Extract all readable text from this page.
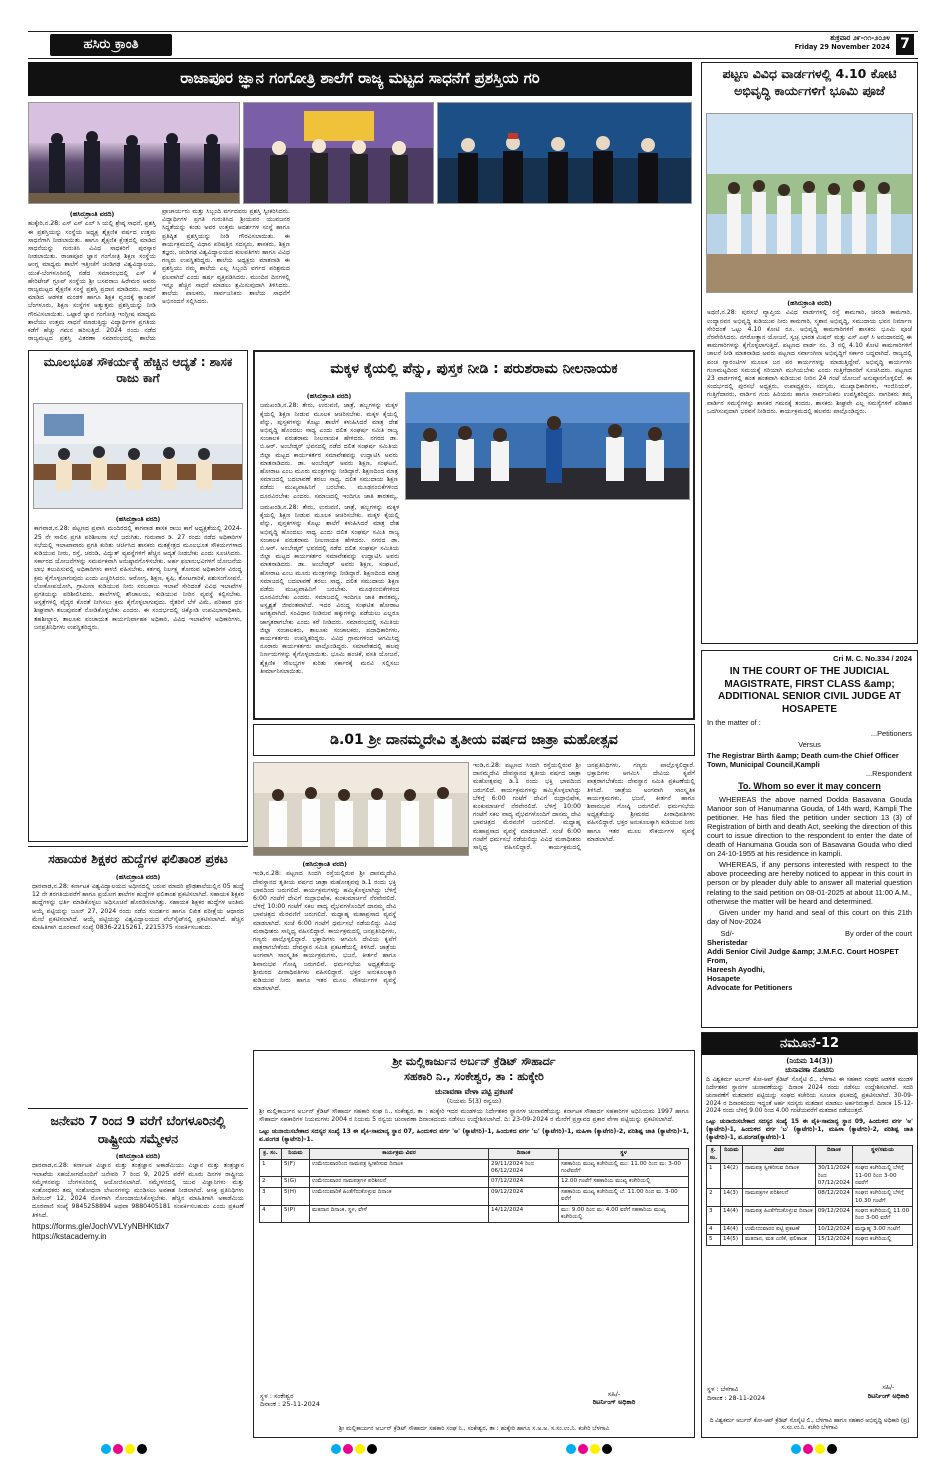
ಹಸಿರು ಕ್ರಾಂತಿ	ಶುಕ್ರವಾರ ೨೯-೧೧-೨೦೨೪
Friday 29 November 2024 7
ರಾಜಾಪೂರ ಜ್ಞಾನ ಗಂಗೋತ್ರಿ ಶಾಲೆಗೆ ರಾಜ್ಯ ಮಟ್ಟದ ಸಾಧನೆಗೆ ಪ್ರಶಸ್ತಿಯ ಗರಿ
(ಹಸಿರುಕ್ರಾಂತಿ ವರದಿ)
ಹುಕ್ಕೇರಿ,ನ.28: ಎಸ್ ಎಸ್ ಎಲ್ ಸಿ ಯಲ್ಲಿ ಶ್ರೇಷ್ಠ ಸಾಧನೆ, ಪ್ರಶಸ್ತಿ ಈ ಪ್ರಶಸ್ತಿಯನ್ನು ಸಂಸ್ಥೆಯ ಅಧ್ಯಕ್ಷ ಶೈಕ್ಷಣಿಕ ವರ್ಷದ ಉತ್ತಮ ಸಾಧನೆಗಾಗಿ ನೀಡಲಾಯಿತು. ಹಾಗೂ ಶೈಕ್ಷಣಿಕ ಕ್ಷೇತ್ರದಲ್ಲಿ ಮಾಡಿದ ಸಾಧನೆಯನ್ನು ಗುರುತಿಸಿ ವಿವಿಧ ಸಾಧಕರಿಗೆ ಪುರಸ್ಕಾರ ನೀಡಲಾಯಿತು. ರಾಜಾಪೂರ ಜ್ಞಾನ ಗಂಗೋತ್ರಿ ಶಿಕ್ಷಣ ಸಂಸ್ಥೆಯ ಆಂಗ್ಲ ಮಾಧ್ಯಮ ಶಾಲೆಗೆ ಇತ್ತೀಚೆಗೆ ಚಂಡಿಗಢ ವಿಶ್ವವಿದ್ಯಾಲಯ, ಯುಕೆ-ಬೆಂಗಳೂರಿನಲ್ಲಿ ನಡೆದ ಸಮಾರಂಭದಲ್ಲಿ ಎಸ್ ಕೆ ಹೇರಿಟೇಜ್ ಗ್ರೂಪ್ ಸಂಸ್ಥೆಯ ಶ್ರೀ ಬಸವರಾಜ ಹಿರೇಮಠ ಅವರು ರಾಜ್ಯಮಟ್ಟದ ಶೈಕ್ಷಣಿಕ ಸಂಸ್ಥೆ ಪ್ರಶಸ್ತಿ ಪ್ರದಾನ ಮಾಡಿದರು. ಸಾಧನೆ ಮಾಡಿದ ಆಡಳಿತ ಮಂಡಳಿ ಹಾಗೂ ಶಿಕ್ಷಕ ವೃಂದಕ್ಕೆ ಕ್ಯಾಂಪಸ್ ಬೆಂಗಳೂರು, ಶಿಕ್ಷಣ ಸಂಸ್ಥೆಗಳ ಅತ್ಯುತ್ತಮ ಪ್ರಶಸ್ತಿಯನ್ನು ನೀಡಿ ಗೌರವಿಸಲಾಯಿತು. ಒಟ್ಟಾರೆ ಜ್ಞಾನ ಗಂಗೋತ್ರಿ ಇಂಗ್ಲೀಷ ಮಾಧ್ಯಮ ಶಾಲೆಯು ಉತ್ತಮ ಸಾಧನೆ ಮಾಡುತ್ತಿದ್ದು ವಿದ್ಯಾರ್ಥಿಗಳ ಪ್ರಗತಿಯ ಕಡೆಗೆ ಹೆಚ್ಚು ಗಮನ ಹರಿಸುತ್ತಿದೆ. 2024 ರಂದು ನಡೆದ ರಾಜ್ಯಮಟ್ಟದ ಪ್ರಶಸ್ತಿ ವಿತರಣಾ ಸಮಾರಂಭದಲ್ಲಿ ಶಾಲೆಯ ಪ್ರಾಚಾರ್ಯರು ಮತ್ತು ಸಿಬ್ಬಂದಿ ವರ್ಗದವರು ಪ್ರಶಸ್ತಿ ಸ್ವೀಕರಿಸಿದರು. ವಿದ್ಯಾರ್ಥಿಗಳ ಪ್ರಗತಿ ಗುರುತಿಸಿದ ಶ್ರೀಯವರ ಯುವಜನರ ಸಿದ್ಧತೆಯನ್ನು ಕಂಡು ಅವರ ಉತ್ತಮ ಆದರ್ಶಗಳ ಸಂಸ್ಥೆ ಹಾಗೂ ಪ್ರತಿಷ್ಠಿತ ಪ್ರಶಸ್ತಿಯನ್ನು ನೀಡಿ ಗೌರವಿಸಲಾಯಿತು. ಈ ಕಾರ್ಯಕ್ರಮದಲ್ಲಿ ವಿಧಾನ ಪರಿಷತ್ತಿನ ಸದಸ್ಯರು, ಶಾಸಕರು, ಶಿಕ್ಷಣ ತಜ್ಞರು, ಚಂಡಿಗಢ ವಿಶ್ವವಿದ್ಯಾಲಯದ ಕುಲಪತಿಗಳು ಹಾಗೂ ವಿವಿಧ ಗಣ್ಯರು ಉಪಸ್ಥಿತರಿದ್ದರು. ಶಾಲೆಯ ಅಧ್ಯಕ್ಷರು ಮಾತನಾಡಿ ಈ ಪ್ರಶಸ್ತಿಯು ನಮ್ಮ ಶಾಲೆಯ ಎಲ್ಲ ಸಿಬ್ಬಂದಿ ವರ್ಗದ ಪರಿಶ್ರಮದ ಫಲವಾಗಿದೆ ಎಂದು ಹರ್ಷ ವ್ಯಕ್ತಪಡಿಸಿದರು. ಮುಂದಿನ ದಿನಗಳಲ್ಲಿ ಇನ್ನೂ ಹೆಚ್ಚಿನ ಸಾಧನೆ ಮಾಡಲು ಶ್ರಮಿಸುವುದಾಗಿ ತಿಳಿಸಿದರು. ಶಾಲೆಯ ಪಾಲಕರು, ಸಾರ್ವಜನಿಕರು ಶಾಲೆಯ ಸಾಧನೆಗೆ ಅಭಿನಂದನೆ ಸಲ್ಲಿಸಿದರು.
ಪಟ್ಟಣ ವಿವಿಧ ವಾರ್ಡಗಳಲ್ಲಿ 4.10 ಕೋಟಿ ಅಭಿವೃದ್ಧಿ ಕಾರ್ಯಗಳಿಗೆ ಭೂಮಿ ಪೂಜೆ
(ಹಸಿರುಕ್ರಾಂತಿ ವರದಿ)
ಅಥಣಿ,ನ.28: ಪುರಸಭೆ ವ್ಯಾಪ್ತಿಯ ವಿವಿಧ ವಾರ್ಡಗಳಲ್ಲಿ ರಸ್ತೆ ಕಾಮಗಾರಿ, ಚರಂಡಿ ಕಾಮಗಾರಿ, ಉದ್ಯಾನವನ ಅಭಿವೃದ್ಧಿ ಕುಡಿಯುವ ನೀರು ಕಾಮಗಾರಿ, ಸ್ಮಶಾನ ಅಭಿವೃದ್ಧಿ, ಸಮುದಾಯ ಭವನ ನಿರ್ಮಾಣ ಸೇರಿದಂತೆ ಒಟ್ಟು 4.10 ಕೋಟಿ ರೂ. ಅಭಿವೃದ್ಧಿ ಕಾಮಗಾರಿಗಳಿಗೆ ಶಾಸಕರು ಭೂಮಿ ಪೂಜೆ ನೆರವೇರಿಸಿದರು. ನಗರೋತ್ಥಾನ ಯೋಜನೆ, ಸ್ವಚ್ಛ ಭಾರತ ಮಿಷನ್ ಮತ್ತು ಎಸ್ ಎಫ್ ಸಿ ಅನುದಾನದಲ್ಲಿ ಈ ಕಾಮಗಾರಿಗಳನ್ನು ಕೈಗೊಳ್ಳಲಾಗುತ್ತಿದೆ. ಪಟ್ಟಣದ ವಾರ್ಡ ನಂ. 3 ರಲ್ಲಿ 4.10 ಕೋಟಿ ಕಾಮಗಾರಿಗಳಿಗೆ ಚಾಲನೆ ನೀಡಿ ಮಾತನಾಡಿದ ಅವರು ಪಟ್ಟಣದ ಸರ್ವಾಂಗೀಣ ಅಭಿವೃದ್ಧಿಗೆ ಸರ್ಕಾರ ಬದ್ಧವಾಗಿದೆ. ರಾಜ್ಯದಲ್ಲಿ ಪಂಚ ಗ್ಯಾರಂಟಿಗಳ ಮೂಲಕ ಜನ ಪರ ಕಾರ್ಯಗಳನ್ನು ಮಾಡುತ್ತಿದ್ದೇವೆ. ಅಭಿವೃದ್ಧಿ ಕಾರ್ಯಗಳು ಗುಣಮಟ್ಟದಿಂದ ಸಮಯಕ್ಕೆ ಸರಿಯಾಗಿ ಮುಗಿಯಬೇಕು ಎಂದು ಗುತ್ತಿಗೆದಾರರಿಗೆ ಸೂಚಿಸಿದರು. ಪಟ್ಟಣದ 23 ವಾರ್ಡಗಳಲ್ಲಿ ಹಂತ ಹಂತವಾಗಿ ಕುಡಿಯುವ ನೀರಿನ 24 ಗಂಟೆ ಯೋಜನೆ ಅನುಷ್ಠಾನಗೊಳ್ಳಲಿದೆ. ಈ ಸಂದರ್ಭದಲ್ಲಿ ಪುರಸಭೆ ಅಧ್ಯಕ್ಷರು, ಉಪಾಧ್ಯಕ್ಷರು, ಸದಸ್ಯರು, ಮುಖ್ಯಾಧಿಕಾರಿಗಳು, ಇಂಜಿನಿಯರ್, ಗುತ್ತಿಗೆದಾರರು, ವಾರ್ಡಿನ ಗುರು ಹಿರಿಯರು ಹಾಗೂ ಸಾರ್ವಜನಿಕರು ಉಪಸ್ಥಿತರಿದ್ದರು. ನಾಗರಿಕರು ತಮ್ಮ ವಾರ್ಡಿನ ಸಮಸ್ಯೆಗಳನ್ನು ಶಾಸಕರ ಗಮನಕ್ಕೆ ತಂದರು. ಶಾಸಕರು ಶೀಘ್ರವೇ ಎಲ್ಲ ಸಮಸ್ಯೆಗಳಿಗೆ ಪರಿಹಾರ ಒದಗಿಸುವುದಾಗಿ ಭರವಸೆ ನೀಡಿದರು. ಕಾರ್ಯಕ್ರಮದಲ್ಲಿ ಹಲವರು ಪಾಲ್ಗೊಂಡಿದ್ದರು.
ಮೂಲಭೂತ ಸೌಕರ್ಯಕ್ಕೆ ಹೆಚ್ಚಿನ ಆದ್ಯತೆ : ಶಾಸಕ ರಾಜು ಕಾಗೆ
(ಹಸಿರುಕ್ರಾಂತಿ ವರದಿ)
ಕಾಗವಾಡ,ನ.28: ಪಟ್ಟಣದ ಪ್ರವಾಸಿ ಮಂದಿರದಲ್ಲಿ ಕಾಗವಾಡ ಶಾಸಕ ರಾಜು ಕಾಗೆ ಅಧ್ಯಕ್ಷತೆಯಲ್ಲಿ 2024-25 ನೇ ಸಾಲಿನ ಪ್ರಗತಿ ಪರಿಶೀಲನಾ ಸಭೆ ಜರುಗಿತು. ಗುರುವಾರ ಡಿ. 27 ರಂದು ನಡೆದ ಅಧಿಕಾರಿಗಳ ಸಭೆಯಲ್ಲಿ ಇಲಾಖಾವಾರು ಪ್ರಗತಿ ಕುರಿತು ಚರ್ಚಿಸಿದ ಶಾಸಕರು ಮತಕ್ಷೇತ್ರದ ಮೂಲಭೂತ ಸೌಕರ್ಯಗಳಾದ ಕುಡಿಯುವ ನೀರು, ರಸ್ತೆ, ಚರಂಡಿ, ವಿದ್ಯುತ್ ವ್ಯವಸ್ಥೆಗಳಿಗೆ ಹೆಚ್ಚಿನ ಆದ್ಯತೆ ನೀಡಬೇಕು ಎಂದು ಸೂಚಿಸಿದರು. ಸರ್ಕಾರದ ಯೋಜನೆಗಳನ್ನು ಸಮರ್ಪಕವಾಗಿ ಅನುಷ್ಠಾನಗೊಳಿಸಬೇಕು. ಅರ್ಹ ಫಲಾನುಭವಿಗಳಿಗೆ ಯೋಜನೆಯ ಲಾಭ ತಲುಪಿಸುವಲ್ಲಿ ಅಧಿಕಾರಿಗಳು ಕಾಳಜಿ ವಹಿಸಬೇಕು. ಕರ್ತವ್ಯ ನಿರ್ಲಕ್ಷ್ಯ ತೋರುವ ಅಧಿಕಾರಿಗಳ ವಿರುದ್ಧ ಕ್ರಮ ಕೈಗೊಳ್ಳಲಾಗುವುದು ಎಂದು ಎಚ್ಚರಿಸಿದರು. ಆರೋಗ್ಯ, ಶಿಕ್ಷಣ, ಕೃಷಿ, ತೋಟಗಾರಿಕೆ, ಪಶುಸಂಗೋಪನೆ, ಲೋಕೋಪಯೋಗಿ, ಗ್ರಾಮೀಣ ಕುಡಿಯುವ ನೀರು ಸರಬರಾಜು ಇಲಾಖೆ ಸೇರಿದಂತೆ ವಿವಿಧ ಇಲಾಖೆಗಳ ಪ್ರಗತಿಯನ್ನು ಪರಿಶೀಲಿಸಿದರು. ಶಾಲೆಗಳಲ್ಲಿ ಶೌಚಾಲಯ, ಕುಡಿಯುವ ನೀರಿನ ವ್ಯವಸ್ಥೆ ಕಲ್ಪಿಸಬೇಕು. ಆಸ್ಪತ್ರೆಗಳಲ್ಲಿ ವೈದ್ಯರ ಕೊರತೆ ನೀಗಿಸಲು ಕ್ರಮ ಕೈಗೊಳ್ಳಲಾಗುವುದು. ರೈತರಿಗೆ ಬೆಳೆ ವಿಮೆ, ಪರಿಹಾರ ಧನ ಶೀಘ್ರವಾಗಿ ತಲುಪುವಂತೆ ನೋಡಿಕೊಳ್ಳಬೇಕು ಎಂದರು. ಈ ಸಂದರ್ಭದಲ್ಲಿ ಚಿಕ್ಕೋಡಿ ಉಪವಿಭಾಗಾಧಿಕಾರಿ, ತಹಶೀಲ್ದಾರ, ತಾಲೂಕು ಪಂಚಾಯತ ಕಾರ್ಯನಿರ್ವಾಹಕ ಅಧಿಕಾರಿ, ವಿವಿಧ ಇಲಾಖೆಗಳ ಅಧಿಕಾರಿಗಳು, ಜನಪ್ರತಿನಿಧಿಗಳು ಉಪಸ್ಥಿತರಿದ್ದರು.
ಮಕ್ಕಳ ಕೈಯಲ್ಲಿ ಪೆನ್ನು, ಪುಸ್ತಕ ನೀಡಿ : ಪರುಶರಾಮ ನೀಲನಾಯಕ
(ಹಸಿರುಕ್ರಾಂತಿ ವರದಿ)
ಜಮಖಂಡಿ,ನ.28: ತೇರು, ಉರುವಣಿ, ಜಾತ್ರೆ, ಹಬ್ಬಗಳನ್ನು ಮಕ್ಕಳ ಕೈಯಲ್ಲಿ ಶಿಕ್ಷಣ ನೀಡುವ ಮೂಲಕ ಆಚರಿಸಬೇಕು. ಮಕ್ಕಳ ಕೈಯಲ್ಲಿ ಪೆನ್ನು, ಪುಸ್ತಕಗಳನ್ನು ಕೊಟ್ಟು ಶಾಲೆಗೆ ಕಳುಹಿಸಿದರೆ ಮಾತ್ರ ದೇಶ ಅಭಿವೃದ್ಧಿ ಹೊಂದಲು ಸಾಧ್ಯ ಎಂದು ದಲಿತ ಸಂಘರ್ಷ ಸಮಿತಿ ರಾಜ್ಯ ಸಂಚಾಲಕ ಪರುಶರಾಮ ನೀಲನಾಯಕ ಹೇಳಿದರು. ನಗರದ ಡಾ. ಬಿ.ಆರ್. ಅಂಬೇಡ್ಕರ್ ಭವನದಲ್ಲಿ ನಡೆದ ದಲಿತ ಸಂಘರ್ಷ ಸಮಿತಿಯ ಜಿಲ್ಲಾ ಮಟ್ಟದ ಕಾರ್ಯಕರ್ತರ ಸಮಾವೇಶವನ್ನು ಉದ್ಘಾಟಿಸಿ ಅವರು ಮಾತನಾಡಿದರು. ಡಾ. ಅಂಬೇಡ್ಕರ್ ಅವರು ಶಿಕ್ಷಣ, ಸಂಘಟನೆ, ಹೋರಾಟ ಎಂಬ ಮೂರು ಮಂತ್ರಗಳನ್ನು ನೀಡಿದ್ದಾರೆ. ಶಿಕ್ಷಣದಿಂದ ಮಾತ್ರ ಸಮಾಜದಲ್ಲಿ ಬದಲಾವಣೆ ತರಲು ಸಾಧ್ಯ. ದಲಿತ ಸಮುದಾಯ ಶಿಕ್ಷಣ ಪಡೆದು ಮುಖ್ಯವಾಹಿನಿಗೆ ಬರಬೇಕು. ಮೂಢನಂಬಿಕೆಗಳಿಂದ ದೂರವಿರಬೇಕು ಎಂದರು. ಸಮಾಜದಲ್ಲಿ ಇಂದಿಗೂ ಜಾತಿ ತಾರತಮ್ಯ,
ಜಮಖಂಡಿ,ನ.28: ತೇರು, ಉರುವಣಿ, ಜಾತ್ರೆ, ಹಬ್ಬಗಳನ್ನು ಮಕ್ಕಳ ಕೈಯಲ್ಲಿ ಶಿಕ್ಷಣ ನೀಡುವ ಮೂಲಕ ಆಚರಿಸಬೇಕು. ಮಕ್ಕಳ ಕೈಯಲ್ಲಿ ಪೆನ್ನು, ಪುಸ್ತಕಗಳನ್ನು ಕೊಟ್ಟು ಶಾಲೆಗೆ ಕಳುಹಿಸಿದರೆ ಮಾತ್ರ ದೇಶ ಅಭಿವೃದ್ಧಿ ಹೊಂದಲು ಸಾಧ್ಯ ಎಂದು ದಲಿತ ಸಂಘರ್ಷ ಸಮಿತಿ ರಾಜ್ಯ ಸಂಚಾಲಕ ಪರುಶರಾಮ ನೀಲನಾಯಕ ಹೇಳಿದರು. ನಗರದ ಡಾ. ಬಿ.ಆರ್. ಅಂಬೇಡ್ಕರ್ ಭವನದಲ್ಲಿ ನಡೆದ ದಲಿತ ಸಂಘರ್ಷ ಸಮಿತಿಯ ಜಿಲ್ಲಾ ಮಟ್ಟದ ಕಾರ್ಯಕರ್ತರ ಸಮಾವೇಶವನ್ನು ಉದ್ಘಾಟಿಸಿ ಅವರು ಮಾತನಾಡಿದರು. ಡಾ. ಅಂಬೇಡ್ಕರ್ ಅವರು ಶಿಕ್ಷಣ, ಸಂಘಟನೆ, ಹೋರಾಟ ಎಂಬ ಮೂರು ಮಂತ್ರಗಳನ್ನು ನೀಡಿದ್ದಾರೆ. ಶಿಕ್ಷಣದಿಂದ ಮಾತ್ರ ಸಮಾಜದಲ್ಲಿ ಬದಲಾವಣೆ ತರಲು ಸಾಧ್ಯ. ದಲಿತ ಸಮುದಾಯ ಶಿಕ್ಷಣ ಪಡೆದು ಮುಖ್ಯವಾಹಿನಿಗೆ ಬರಬೇಕು. ಮೂಢನಂಬಿಕೆಗಳಿಂದ ದೂರವಿರಬೇಕು ಎಂದರು. ಸಮಾಜದಲ್ಲಿ ಇಂದಿಗೂ ಜಾತಿ ತಾರತಮ್ಯ, ಅಸ್ಪೃಶ್ಯತೆ ಜೀವಂತವಾಗಿದೆ. ಇದರ ವಿರುದ್ಧ ಸಂಘಟಿತ ಹೋರಾಟ ಅಗತ್ಯವಾಗಿದೆ. ಸಂವಿಧಾನ ನೀಡಿರುವ ಹಕ್ಕುಗಳನ್ನು ಪಡೆಯಲು ಎಲ್ಲರೂ ಜಾಗೃತರಾಗಬೇಕು ಎಂದು ಕರೆ ನೀಡಿದರು. ಸಮಾರಂಭದಲ್ಲಿ ಸಮಿತಿಯ ಜಿಲ್ಲಾ ಸಂಚಾಲಕರು, ತಾಲೂಕು ಸಂಚಾಲಕರು, ಪದಾಧಿಕಾರಿಗಳು, ಕಾರ್ಯಕರ್ತರು ಉಪಸ್ಥಿತರಿದ್ದರು. ವಿವಿಧ ಗ್ರಾಮಗಳಿಂದ ಆಗಮಿಸಿದ್ದ ನೂರಾರು ಕಾರ್ಯಕರ್ತರು ಪಾಲ್ಗೊಂಡಿದ್ದರು. ಸಮಾವೇಶದಲ್ಲಿ ಹಲವು ನಿರ್ಣಯಗಳನ್ನು ಕೈಗೊಳ್ಳಲಾಯಿತು. ಭೂಮಿ ಹಂಚಿಕೆ, ವಸತಿ ಯೋಜನೆ, ಶೈಕ್ಷಣಿಕ ಸೌಲಭ್ಯಗಳ ಕುರಿತು ಸರ್ಕಾರಕ್ಕೆ ಮನವಿ ಸಲ್ಲಿಸಲು ತೀರ್ಮಾನಿಸಲಾಯಿತು.
ಡಿ.01 ಶ್ರೀ ದಾನಮ್ಮದೇವಿ ತೃತೀಯ ವರ್ಷದ ಜಾತ್ರಾ ಮಹೋತ್ಸವ
(ಹಸಿರುಕ್ರಾಂತಿ ವರದಿ)
ಇಂಡಿ,ನ.28: ಪಟ್ಟಣದ ಸಿಂದಗಿ ರಸ್ತೆಯಲ್ಲಿರುವ ಶ್ರೀ ದಾನಮ್ಮದೇವಿ ದೇವಸ್ಥಾನದ ತೃತೀಯ ವರ್ಷದ ಜಾತ್ರಾ ಮಹೋತ್ಸವವು ಡಿ.1 ರಂದು ಭಕ್ತಿ ಭಾವದಿಂದ ಜರುಗಲಿದೆ. ಕಾರ್ಯಕ್ರಮಗಳನ್ನು ಹಮ್ಮಿಕೊಳ್ಳಲಾಗಿದ್ದು ಬೆಳಿಗ್ಗೆ 6:00 ಗಂಟೆಗೆ ದೇವಿಗೆ ರುದ್ರಾಭಿಷೇಕ, ಕುಂಕುಮಾರ್ಚನೆ ನೆರವೇರಲಿದೆ. ಬೆಳಿಗ್ಗೆ 10:00 ಗಂಟೆಗೆ ಸಕಲ ವಾದ್ಯ ವೈಭವಗಳೊಂದಿಗೆ ದಾನಮ್ಮ ದೇವಿ ಭಾವಚಿತ್ರದ ಮೆರವಣಿಗೆ ಜರುಗಲಿದೆ. ಮಧ್ಯಾಹ್ನ ಮಹಾಪ್ರಸಾದ ವ್ಯವಸ್ಥೆ ಮಾಡಲಾಗಿದೆ. ಸಂಜೆ 6:00 ಗಂಟೆಗೆ ಧರ್ಮಸಭೆ ನಡೆಯಲಿದ್ದು ವಿವಿಧ ಮಠಾಧೀಶರು ಸಾನ್ನಿಧ್ಯ ವಹಿಸಲಿದ್ದಾರೆ. ಕಾರ್ಯಕ್ರಮದಲ್ಲಿ ಜನಪ್ರತಿನಿಧಿಗಳು, ಗಣ್ಯರು ಪಾಲ್ಗೊಳ್ಳಲಿದ್ದಾರೆ. ಭಕ್ತಾದಿಗಳು ಆಗಮಿಸಿ ದೇವಿಯ ಕೃಪೆಗೆ ಪಾತ್ರರಾಗಬೇಕೆಂದು ದೇವಸ್ಥಾನ ಸಮಿತಿ ಪ್ರಕಟಣೆಯಲ್ಲಿ ತಿಳಿಸಿದೆ. ಜಾತ್ರೆಯ ಅಂಗವಾಗಿ ಸಾಂಸ್ಕೃತಿಕ ಕಾರ್ಯಕ್ರಮಗಳು, ಭಜನೆ, ಕೀರ್ತನೆ ಹಾಗೂ ಶಿವಾನುಭವ ಗೋಷ್ಠಿ ಜರುಗಲಿವೆ. ಧರ್ಮಸಭೆಯ ಅಧ್ಯಕ್ಷತೆಯನ್ನು ಶ್ರೀಮಠದ ಪೀಠಾಧಿಪತಿಗಳು ವಹಿಸಲಿದ್ದಾರೆ. ಭಕ್ತರ ಅನುಕೂಲಕ್ಕಾಗಿ ಕುಡಿಯುವ ನೀರು ಹಾಗೂ ಇತರ ಮೂಲ ಸೌಕರ್ಯಗಳ ವ್ಯವಸ್ಥೆ ಮಾಡಲಾಗಿದೆ.
ಇಂಡಿ,ನ.28: ಪಟ್ಟಣದ ಸಿಂದಗಿ ರಸ್ತೆಯಲ್ಲಿರುವ ಶ್ರೀ ದಾನಮ್ಮದೇವಿ ದೇವಸ್ಥಾನದ ತೃತೀಯ ವರ್ಷದ ಜಾತ್ರಾ ಮಹೋತ್ಸವವು ಡಿ.1 ರಂದು ಭಕ್ತಿ ಭಾವದಿಂದ ಜರುಗಲಿದೆ. ಕಾರ್ಯಕ್ರಮಗಳನ್ನು ಹಮ್ಮಿಕೊಳ್ಳಲಾಗಿದ್ದು ಬೆಳಿಗ್ಗೆ 6:00 ಗಂಟೆಗೆ ದೇವಿಗೆ ರುದ್ರಾಭಿಷೇಕ, ಕುಂಕುಮಾರ್ಚನೆ ನೆರವೇರಲಿದೆ. ಬೆಳಿಗ್ಗೆ 10:00 ಗಂಟೆಗೆ ಸಕಲ ವಾದ್ಯ ವೈಭವಗಳೊಂದಿಗೆ ದಾನಮ್ಮ ದೇವಿ ಭಾವಚಿತ್ರದ ಮೆರವಣಿಗೆ ಜರುಗಲಿದೆ. ಮಧ್ಯಾಹ್ನ ಮಹಾಪ್ರಸಾದ ವ್ಯವಸ್ಥೆ ಮಾಡಲಾಗಿದೆ. ಸಂಜೆ 6:00 ಗಂಟೆಗೆ ಧರ್ಮಸಭೆ ನಡೆಯಲಿದ್ದು ವಿವಿಧ ಮಠಾಧೀಶರು ಸಾನ್ನಿಧ್ಯ ವಹಿಸಲಿದ್ದಾರೆ. ಕಾರ್ಯಕ್ರಮದಲ್ಲಿ ಜನಪ್ರತಿನಿಧಿಗಳು, ಗಣ್ಯರು ಪಾಲ್ಗೊಳ್ಳಲಿದ್ದಾರೆ. ಭಕ್ತಾದಿಗಳು ಆಗಮಿಸಿ ದೇವಿಯ ಕೃಪೆಗೆ ಪಾತ್ರರಾಗಬೇಕೆಂದು ದೇವಸ್ಥಾನ ಸಮಿತಿ ಪ್ರಕಟಣೆಯಲ್ಲಿ ತಿಳಿಸಿದೆ. ಜಾತ್ರೆಯ ಅಂಗವಾಗಿ ಸಾಂಸ್ಕೃತಿಕ ಕಾರ್ಯಕ್ರಮಗಳು, ಭಜನೆ, ಕೀರ್ತನೆ ಹಾಗೂ ಶಿವಾನುಭವ ಗೋಷ್ಠಿ ಜರುಗಲಿವೆ. ಧರ್ಮಸಭೆಯ ಅಧ್ಯಕ್ಷತೆಯನ್ನು ಶ್ರೀಮಠದ ಪೀಠಾಧಿಪತಿಗಳು ವಹಿಸಲಿದ್ದಾರೆ. ಭಕ್ತರ ಅನುಕೂಲಕ್ಕಾಗಿ ಕುಡಿಯುವ ನೀರು ಹಾಗೂ ಇತರ ಮೂಲ ಸೌಕರ್ಯಗಳ ವ್ಯವಸ್ಥೆ ಮಾಡಲಾಗಿದೆ.
ಸಹಾಯಕ ಶಿಕ್ಷಕರ ಹುದ್ದೆಗಳ ಫಲಿತಾಂಶ ಪ್ರಕಟ
(ಹಸಿರುಕ್ರಾಂತಿ ವರದಿ)
ಧಾರವಾಡ,ನ.28: ಕರ್ನಾಟಕ ವಿಶ್ವವಿದ್ಯಾಲಯದ ಅಧೀನದಲ್ಲಿ ಬರುವ ಮಾದರಿ ಪ್ರೌಢಶಾಲೆಯಲ್ಲಿನ 05 ಹುದ್ದೆ 12 ನೇ ತರಗತಿಯವರೆಗೆ ಹಾಗೂ ಪ್ರಯೋಗ ಶಾಲೆಗಳ ಹುದ್ದೆಗಳ ಫಲಿತಾಂಶ ಪ್ರಕಟಿಸಲಾಗಿದೆ. ಸಹಾಯಕ ಶಿಕ್ಷಕರ ಹುದ್ದೆಗಳನ್ನು ಭರ್ತಿ ಮಾಡಿಕೊಳ್ಳಲು ಅಧಿಸೂಚನೆ ಹೊರಡಿಸಲಾಗಿತ್ತು. ಸಹಾಯಕ ಶಿಕ್ಷಕರ ಹುದ್ದೆಗಳ ಅಂತಿಮ ಆಯ್ಕೆ ಪಟ್ಟಿಯನ್ನು ಜೂನ್ 27, 2024 ರಂದು ನಡೆದ ಸಂದರ್ಶನ ಹಾಗೂ ಲಿಖಿತ ಪರೀಕ್ಷೆಯ ಆಧಾರದ ಮೇಲೆ ಪ್ರಕಟಿಸಲಾಗಿದೆ. ಆಯ್ಕೆ ಪಟ್ಟಿಯನ್ನು ವಿಶ್ವವಿದ್ಯಾಲಯದ ವೆಬ್‍ಸೈಟ್‍ನಲ್ಲಿ ಪ್ರಕಟಿಸಲಾಗಿದೆ. ಹೆಚ್ಚಿನ ಮಾಹಿತಿಗಾಗಿ ದೂರವಾಣಿ ಸಂಖ್ಯೆ 0836-2215261, 2215375 ಸಂಪರ್ಕಿಸಬಹುದು.
ಜನೇವರಿ 7 ರಿಂದ 9 ವರೆಗೆ ಬೆಂಗಳೂರಿನಲ್ಲಿ ರಾಷ್ಟ್ರೀಯ ಸಮ್ಮೇಳನ
(ಹಸಿರುಕ್ರಾಂತಿ ವರದಿ)
ಧಾರವಾಡ,ನ.28: ಕರ್ನಾಟಕ ವಿಜ್ಞಾನ ಮತ್ತು ತಂತ್ರಜ್ಞಾನ ಅಕಾಡೆಮಿಯು ವಿಜ್ಞಾನ ಮತ್ತು ತಂತ್ರಜ್ಞಾನ ಇಲಾಖೆಯ ಸಹಯೋಗದೊಂದಿಗೆ ಜನೇವರಿ 7 ರಿಂದ 9, 2025 ವರೆಗೆ ಮೂರು ದಿನಗಳ ರಾಷ್ಟ್ರೀಯ ಸಮ್ಮೇಳನವನ್ನು ಬೆಂಗಳೂರಿನಲ್ಲಿ ಆಯೋಜಿಸಲಾಗಿದೆ. ಸಮ್ಮೇಳನದಲ್ಲಿ ಯುವ ವಿಜ್ಞಾನಿಗಳು ಮತ್ತು ಸಂಶೋಧಕರು ತಮ್ಮ ಸಂಶೋಧನಾ ಲೇಖನಗಳನ್ನು ಮಂಡಿಸಲು ಅವಕಾಶ ನೀಡಲಾಗಿದೆ. ಆಸಕ್ತ ಪ್ರತಿನಿಧಿಗಳು ಡಿಸೆಂಬರ್ 12, 2024 ರೊಳಗಾಗಿ ನೋಂದಾಯಿಸಿಕೊಳ್ಳಬೇಕು. ಹೆಚ್ಚಿನ ಮಾಹಿತಿಗಾಗಿ ಅಕಾಡೆಮಿಯ ದೂರವಾಣಿ ಸಂಖ್ಯೆ 9845258894 ಅಥವಾ 9880405181 ಸಂಪರ್ಕಿಸಬಹುದು ಎಂದು ಪ್ರಕಟಣೆ ತಿಳಿಸಿದೆ.
https://forms.gle/JochVVLYyNBHKtdx7
https://kstacademy.in
ಶ್ರೀ ಮಲ್ಲಿಕಾರ್ಜುನ ಅರ್ಬನ್ ಕ್ರೆಡಿಟ್ ಸೌಹಾರ್ದ
ಸಹಕಾರಿ ನಿ., ಸಂಕೇಶ್ವರ, ತಾ : ಹುಕ್ಕೇರಿ
ಚುನಾವಣಾ ವೇಳಾ ಪಟ್ಟಿ ಪ್ರಕಟಣೆ
(ನಿಯಮ 5(3) ರನ್ವಯ)
ಶ್ರೀ ಮಲ್ಲಿಕಾರ್ಜುನ ಅರ್ಬನ್ ಕ್ರೆಡಿಟ್ ಸೌಹಾರ್ದ ಸಹಕಾರಿ ಸಂಘ ನಿ., ಸಂಕೇಶ್ವರ, ತಾ : ಹುಕ್ಕೇರಿ ಇದರ ಮಂಡಳಿಯ ನಿರ್ದೇಶಕರ ಸ್ಥಾನಗಳ ಚುನಾವಣೆಯನ್ನು ಕರ್ನಾಟಕ ಸೌಹಾರ್ದ ಸಹಕಾರಿಗಳ ಅಧಿನಿಯಮ 1997 ಹಾಗೂ ಸೌಹಾರ್ದ ಸಹಕಾರಿಗಳ ನಿಯಮಗಳು 2004 ರ ನಿಯಮ 5 ರನ್ವಯ ಚುನಾವಣಾ ದಿನಾಂಕದಂದು ನಡೆಸಲು ಉದ್ದೇಶಿಸಲಾಗಿದೆ. ದಿ: 23-09-2024 ರ ಮೇರೆಗೆ ಪ್ರಸ್ತಾವದ ಪ್ರಕಾರ ವೇಳಾ ಪಟ್ಟಿಯನ್ನು ಪ್ರಕಟಿಸಲಾಗಿದೆ.
ಒಟ್ಟು ಚುನಾಯಿಸಬೇಕಾದ ಸದಸ್ಯರ ಸಂಖ್ಯೆ 13 ಈ ಪೈಕಿ-ಸಾಮಾನ್ಯ ಸ್ಥಾನ 07, ಹಿಂದುಳಿದ ವರ್ಗ 'ಅ' (ಕ್ಯಾಟೆಗರಿ)-1, ಹಿಂದುಳಿದ ವರ್ಗ 'ಬ' (ಕ್ಯಾಟೆಗರಿ)-1, ಮಹಿಳಾ (ಕ್ಯಾಟೆಗರಿ)-2, ಪರಿಶಿಷ್ಟ ಜಾತಿ (ಕ್ಯಾಟೆಗರಿ)-1, ಪ.ಪಂಗಡ (ಕ್ಯಾಟೆಗರಿ)-1.
ಕ್ರ. ಸಂ.	ನಿಯಮ	ಕಾರ್ಯಕ್ರಮ ವಿವರ	ದಿನಾಂಕ	ಸ್ಥಳ
1	5(F)	ಉಮೇದುವಾರರಿಂದ ನಾಮಪತ್ರ ಸ್ವೀಕರಿಸುವ ದಿನಾಂಕ	29/11/2024 ರಿಂದ 06/12/2024	ಸಹಕಾರಿಯ ಮುಖ್ಯ ಕಚೇರಿಯಲ್ಲಿ ಮು: 11.00 ರಿಂದ ಮ: 3-00 ಗಂಟೆವರೆಗೆ
2	5(G)	ಉಮೇದುವಾರರ ನಾಮಪತ್ರಗಳ ಪರಿಶೀಲನೆ	07/12/2024	12.00 ಗಂಟೆಗೆ ಸಹಕಾರಿಯ ಮುಖ್ಯ ಕಚೇರಿಯಲ್ಲಿ
3	5(H)	ಉಮೇದುವಾರಿಕೆ ಹಿಂತೆಗೆದುಕೊಳ್ಳುವ ದಿನಾಂಕ	09/12/2024	ಸಹಕಾರಿಯ ಮುಖ್ಯ ಕಚೇರಿಯಲ್ಲಿ ಬೆ. 11.00 ರಿಂದ ಮ. 3-00 ವರೆಗೆ
4	5(P)	ಮತದಾನ ದಿನಾಂಕ, ಸ್ಥಳ, ವೇಳೆ	14/12/2024	ಮು: 9.00 ರಿಂದ ಮ: 4.00 ವರೆಗೆ ಸಹಕಾರಿಯ ಮುಖ್ಯ ಕಚೇರಿಯಲ್ಲಿ
ಸ್ಥಳ : ಸಂಕೇಶ್ವರ
ದಿನಾಂಕ : 25-11-2024
ಸಹಿ/-
ರಿಟರ್ನಿಂಗ್ ಅಧಿಕಾರಿ
ಶ್ರೀ ಮಲ್ಲಿಕಾರ್ಜುನ ಅರ್ಬನ್ ಕ್ರೆಡಿಟ್ ಸೌಹಾರ್ದ ಸಹಕಾರಿ ಸಂಘ ನಿ., ಸಂಕೇಶ್ವರ, ತಾ : ಹುಕ್ಕೇರಿ ಹಾಗೂ ಸ.ಅ.ಅ. ಸ.ಸಂ.ಉ.ನಿ. ಕಚೇರಿ ಬೆಳಗಾವಿ
Cri M. C. No.334 / 2024
IN THE COURT OF THE JUDICIAL MAGISTRATE, FIRST CLASS &amp; ADDITIONAL SENIOR CIVIL JUDGE AT HOSAPETE
In the matter of :
...Petitioners
Versus
The Registrar Birth &amp; Death cum-the Chief Officer Town, Municipal Council,Kampli
...Respondent
To. Whom so ever it may concern
WHEREAS the above named Dodda Basavana Gouda Manoor son of Hanumanna Gouda, of 14th ward, Kampli The petitioner. He has filed the petition under section 13 (3) of Registration of birth and death Act, seeking the direction of this court to issue direction to the respondent to enter the date of death of Hanumana Gouda son of Basavana Gouda who died on 24-10-1955 at his residence in kampli.
WHEREAS, if any persons interested with respect to the above proceeding are hereby noticed to appear in this court in person or by pleader duly able to answer all material question relating to the said petition on 08-01-2025 at about 11:00 A.M., otherwise the matter will be heard and determined.
Given under my hand and seal of this court on this 21th day of Nov-2024
Sd/-
Sheristedar
By order of the court
Addi Senior Civil Judge &amp; J.M.F.C. Court HOSPET
From,
Hareesh Ayodhi,
Hosapete
Advocate for Petitioners
ನಮೂನೆ-12
(ನಿಯಮ 14(3))
ಚುನಾವಣಾ ನೋಟಿಸು
ದಿ ವಿಶ್ವಕರ್ಮ ಅರ್ಬನ್ ಕೋ-ಆಪ್ ಕ್ರೆಡಿಟ್ ಸೊಸೈಟಿ ಲಿ., ಬೆಳಗಾವಿ ಈ ಸಹಕಾರ ಸಂಘದ ಆಡಳಿತ ಮಂಡಳಿ ನಿರ್ದೇಶಕರ ಸ್ಥಾನಗಳ ಚುನಾವಣೆಯನ್ನು ದಿನಾಂಕ 2024 ರಂದು ನಡೆಸಲು ಉದ್ದೇಶಿಸಲಾಗಿದೆ. ಸದರಿ ಚುನಾವಣೆಗೆ ಮತದಾರರ ಪಟ್ಟಿಯನ್ನು ಸಂಘದ ಕಚೇರಿಯ ಸೂಚನಾ ಫಲಕದಲ್ಲಿ ಪ್ರಕಟಿಸಲಾಗಿದೆ. 30-09-2024 ರ ದಿನಾಂಕದಂದು ಇದ್ದಂತೆ ಅರ್ಹ ಸದಸ್ಯರು ಮತದಾನ ಮಾಡಲು ಅರ್ಹರಿರುತ್ತಾರೆ. ದಿನಾಂಕ 15-12-2024 ರಂದು ಬೆಳಿಗ್ಗೆ 9.00 ರಿಂದ 4.00 ಗಂಟೆಯವರೆಗೆ ಮತದಾನ ನಡೆಯುತ್ತದೆ.
ಒಟ್ಟು ಚುನಾಯಿಸಬೇಕಾದ ಸದಸ್ಯರ ಸಂಖ್ಯೆ 15 ಈ ಪೈಕಿ-ಸಾಮಾನ್ಯ ಸ್ಥಾನ 09, ಹಿಂದುಳಿದ ವರ್ಗ 'ಅ' (ಕ್ಯಾಟೆಗರಿ)-1, ಹಿಂದುಳಿದ ವರ್ಗ 'ಬ' (ಕ್ಯಾಟೆಗರಿ)-1, ಮಹಿಳಾ (ಕ್ಯಾಟೆಗರಿ)-2, ಪರಿಶಿಷ್ಟ ಜಾತಿ (ಕ್ಯಾಟೆಗರಿ)-1, ಪ.ಪಂಗಡ(ಕ್ಯಾಟೆಗರಿ)-1
ಕ್ರ. ಸಂ.	ನಿಯಮ	ವಿವರ	ದಿನಾಂಕ	ಸ್ಥಳ/ಸಮಯ
1	14(2)	ನಾಮಪತ್ರ ಸ್ವೀಕರಿಸುವ ದಿನಾಂಕ	30/11/2024 ರಿಂದ 07/12/2024	ಸಂಘದ ಕಚೇರಿಯಲ್ಲಿ ಬೆಳಿಗ್ಗೆ 11-00 ರಿಂದ 3-00 ರವರೆಗೆ
2	14(3)	ನಾಮಪತ್ರಗಳ ಪರಿಶೀಲನೆ	08/12/2024	ಸಂಘದ ಕಚೇರಿಯಲ್ಲಿ ಬೆಳಿಗ್ಗೆ 10.30 ಗಂಟೆಗೆ
3	14(4)	ನಾಮಪತ್ರ ಹಿಂತೆಗೆದುಕೊಳ್ಳುವ ದಿನಾಂಕ	09/12/2024	ಸಂಘದ ಕಚೇರಿಯಲ್ಲಿ 11.00 ರಿಂದ 3-00 ವರೆಗೆ
4	14(4)	ಉಮೇದುವಾರರ ಪಟ್ಟಿ ಪ್ರಕಟಣೆ	10/12/2024	ಮಧ್ಯಾಹ್ನ 3.00 ಗಂಟೆಗೆ
5	14(5)	ಮತದಾನ, ಮತ ಎಣಿಕೆ, ಫಲಿತಾಂಶ	15/12/2024	ಸಂಘದ ಕಚೇರಿಯಲ್ಲಿ
ಸ್ಥಳ : ಬೆಳಗಾವಿ
ದಿನಾಂಕ : 28-11-2024
ಸಹಿ/-
ರಿಟರ್ನಿಂಗ್ ಅಧಿಕಾರಿ
ದಿ ವಿಶ್ವಕರ್ಮ ಅರ್ಬನ್ ಕೋ-ಆಪ್ ಕ್ರೆಡಿಟ್ ಸೊಸೈಟಿ ಲಿ., ಬೆಳಗಾವಿ ಹಾಗೂ ಸಹಕಾರ ಅಭಿವೃದ್ಧಿ ಅಧಿಕಾರಿ (ಪ್ರ) ಸ.ಸಂ.ಉ.ನಿ. ಕಚೇರಿ ಬೆಳಗಾವಿ
